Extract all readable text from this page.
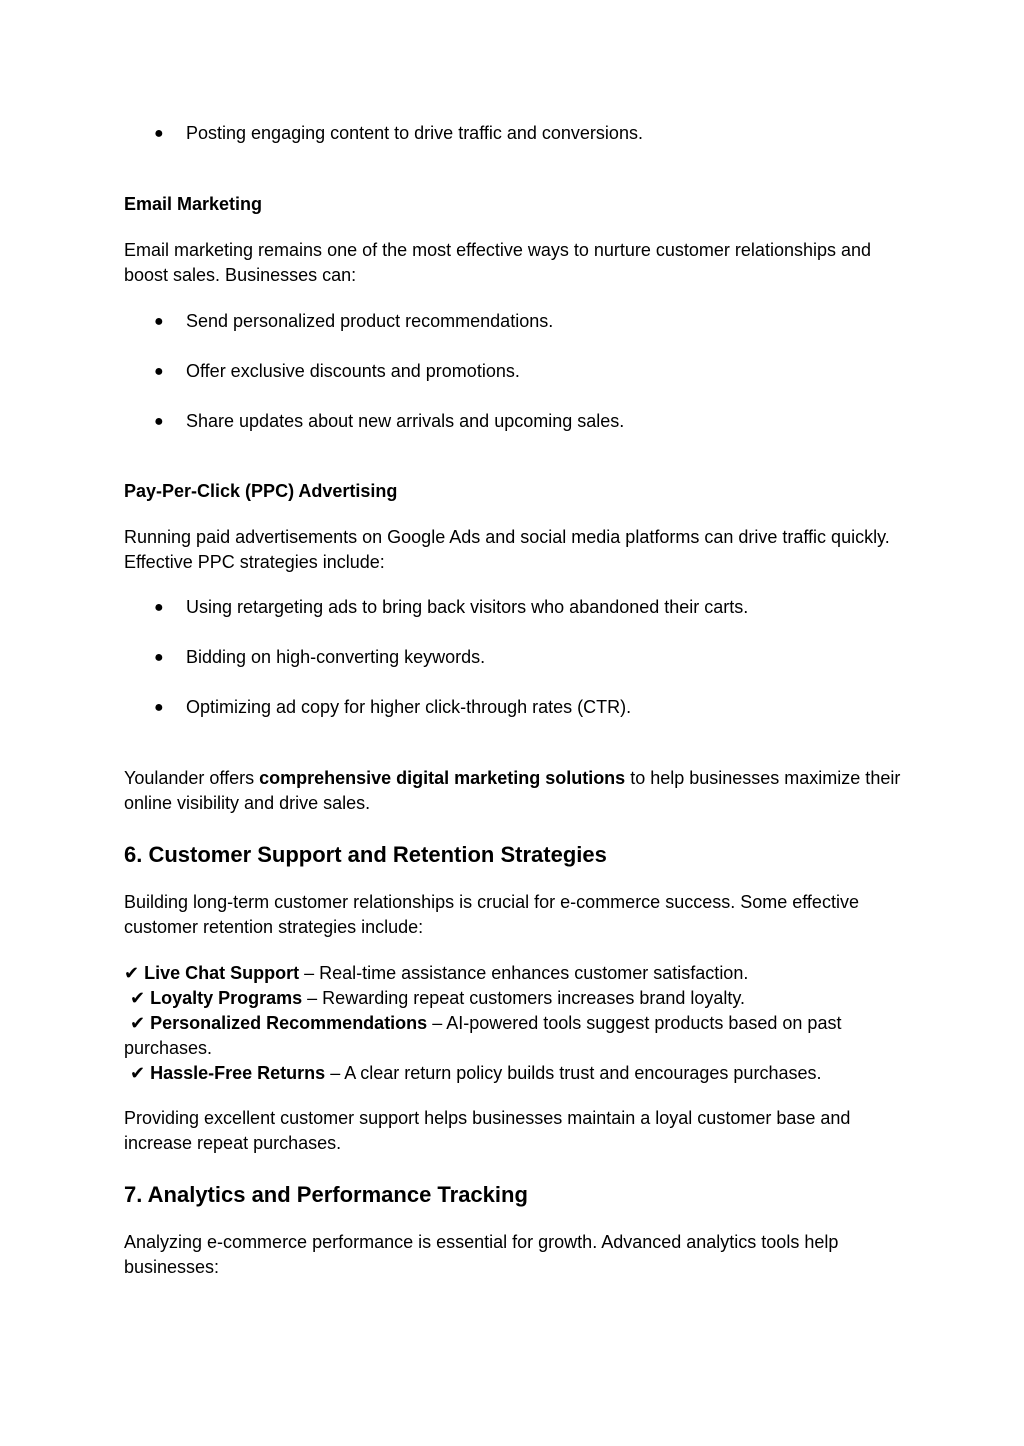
● Posting engaging content to drive traffic and conversions.

Email Marketing

Email marketing remains one of the most effective ways to nurture customer relationships and boost sales. Businesses can:

● Send personalized product recommendations.
● Offer exclusive discounts and promotions.
● Share updates about new arrivals and upcoming sales.

Pay-Per-Click (PPC) Advertising

Running paid advertisements on Google Ads and social media platforms can drive traffic quickly. Effective PPC strategies include:

● Using retargeting ads to bring back visitors who abandoned their carts.
● Bidding on high-converting keywords.
● Optimizing ad copy for higher click-through rates (CTR).

Youlander offers comprehensive digital marketing solutions to help businesses maximize their online visibility and drive sales.

6. Customer Support and Retention Strategies

Building long-term customer relationships is crucial for e-commerce success. Some effective customer retention strategies include:

✔ Live Chat Support – Real-time assistance enhances customer satisfaction.
✔ Loyalty Programs – Rewarding repeat customers increases brand loyalty.
✔ Personalized Recommendations – AI-powered tools suggest products based on past purchases.
✔ Hassle-Free Returns – A clear return policy builds trust and encourages purchases.

Providing excellent customer support helps businesses maintain a loyal customer base and increase repeat purchases.

7. Analytics and Performance Tracking

Analyzing e-commerce performance is essential for growth. Advanced analytics tools help businesses:
